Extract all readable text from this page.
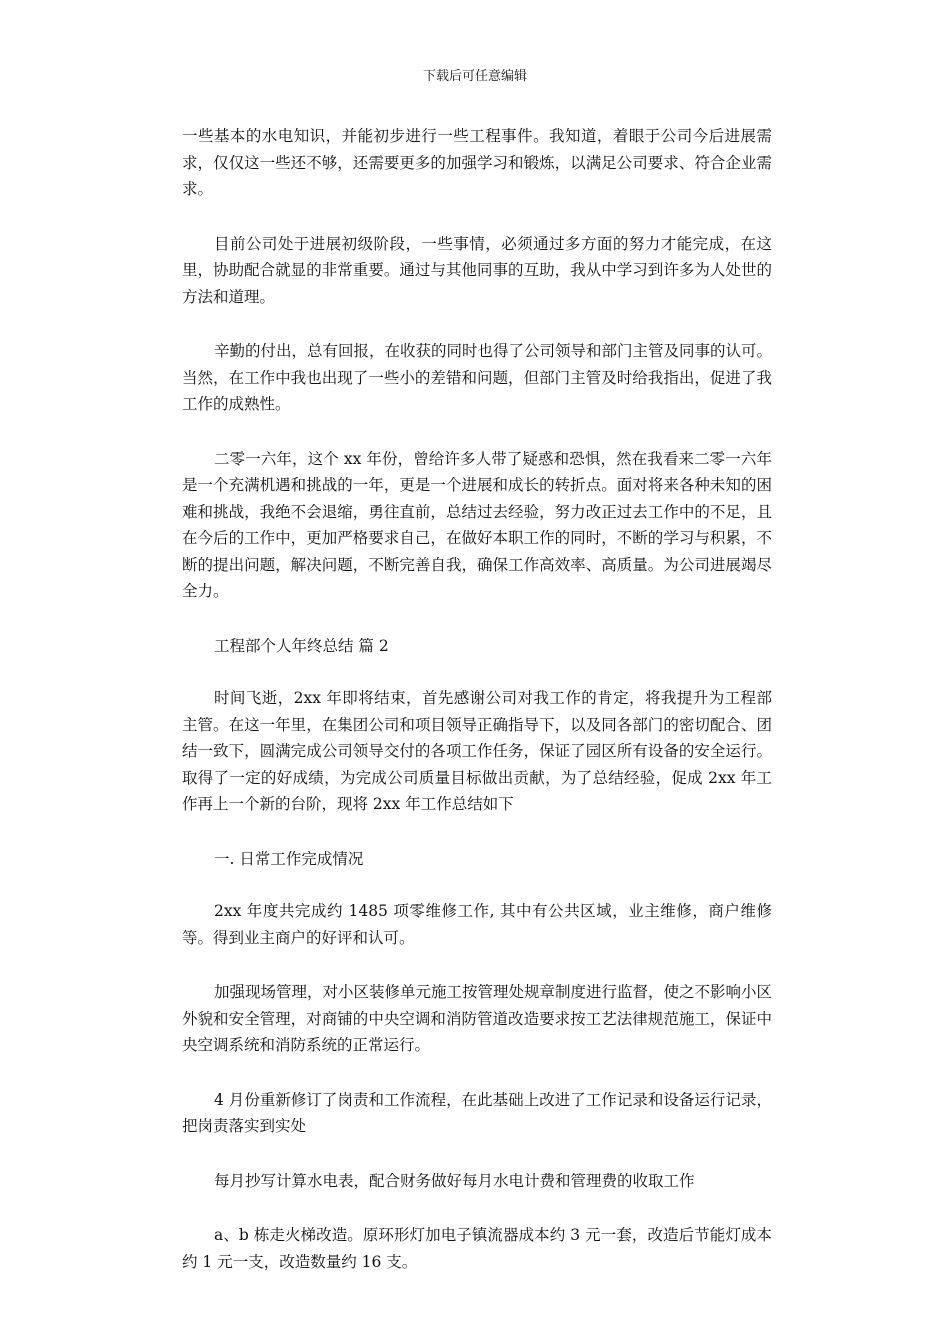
下载后可任意编辑

一些基本的水电知识，并能初步进行一些工程事件。我知道，着眼于公司今后进展需求，仅仅这一些还不够，还需要更多的加强学习和锻炼，以满足公司要求、符合企业需求。

目前公司处于进展初级阶段，一些事情，必须通过多方面的努力才能完成，在这里，协助配合就显的非常重要。通过与其他同事的互助，我从中学习到许多为人处世的方法和道理。

辛勤的付出，总有回报，在收获的同时也得了公司领导和部门主管及同事的认可。当然，在工作中我也出现了一些小的差错和问题，但部门主管及时给我指出，促进了我工作的成熟性。

二零一六年，这个 xx 年份，曾给许多人带了疑惑和恐惧，然在我看来二零一六年是一个充满机遇和挑战的一年，更是一个进展和成长的转折点。面对将来各种未知的困难和挑战，我绝不会退缩，勇往直前，总结过去经验，努力改正过去工作中的不足，且在今后的工作中，更加严格要求自己，在做好本职工作的同时，不断的学习与积累，不断的提出问题，解决问题，不断完善自我，确保工作高效率、高质量。为公司进展竭尽全力。

工程部个人年终总结 篇 2

时间飞逝，2xx 年即将结束，首先感谢公司对我工作的肯定，将我提升为工程部主管。在这一年里，在集团公司和项目领导正确指导下，以及同各部门的密切配合、团结一致下，圆满完成公司领导交付的各项工作任务，保证了园区所有设备的安全运行。取得了一定的好成绩，为完成公司质量目标做出贡献，为了总结经验，促成 2xx 年工作再上一个新的台阶，现将 2xx 年工作总结如下

一. 日常工作完成情况

2xx 年度共完成约 1485 项零维修工作, 其中有公共区域，业主维修，商户维修等。得到业主商户的好评和认可。

加强现场管理，对小区装修单元施工按管理处规章制度进行监督，使之不影响小区外貌和安全管理，对商铺的中央空调和消防管道改造要求按工艺法律规范施工，保证中央空调系统和消防系统的正常运行。

4 月份重新修订了岗责和工作流程，在此基础上改进了工作记录和设备运行记录，把岗责落实到实处

每月抄写计算水电表，配合财务做好每月水电计费和管理费的收取工作

a、b 栋走火梯改造。原环形灯加电子镇流器成本约 3 元一套，改造后节能灯成本约 1 元一支，改造数量约 16 支。
